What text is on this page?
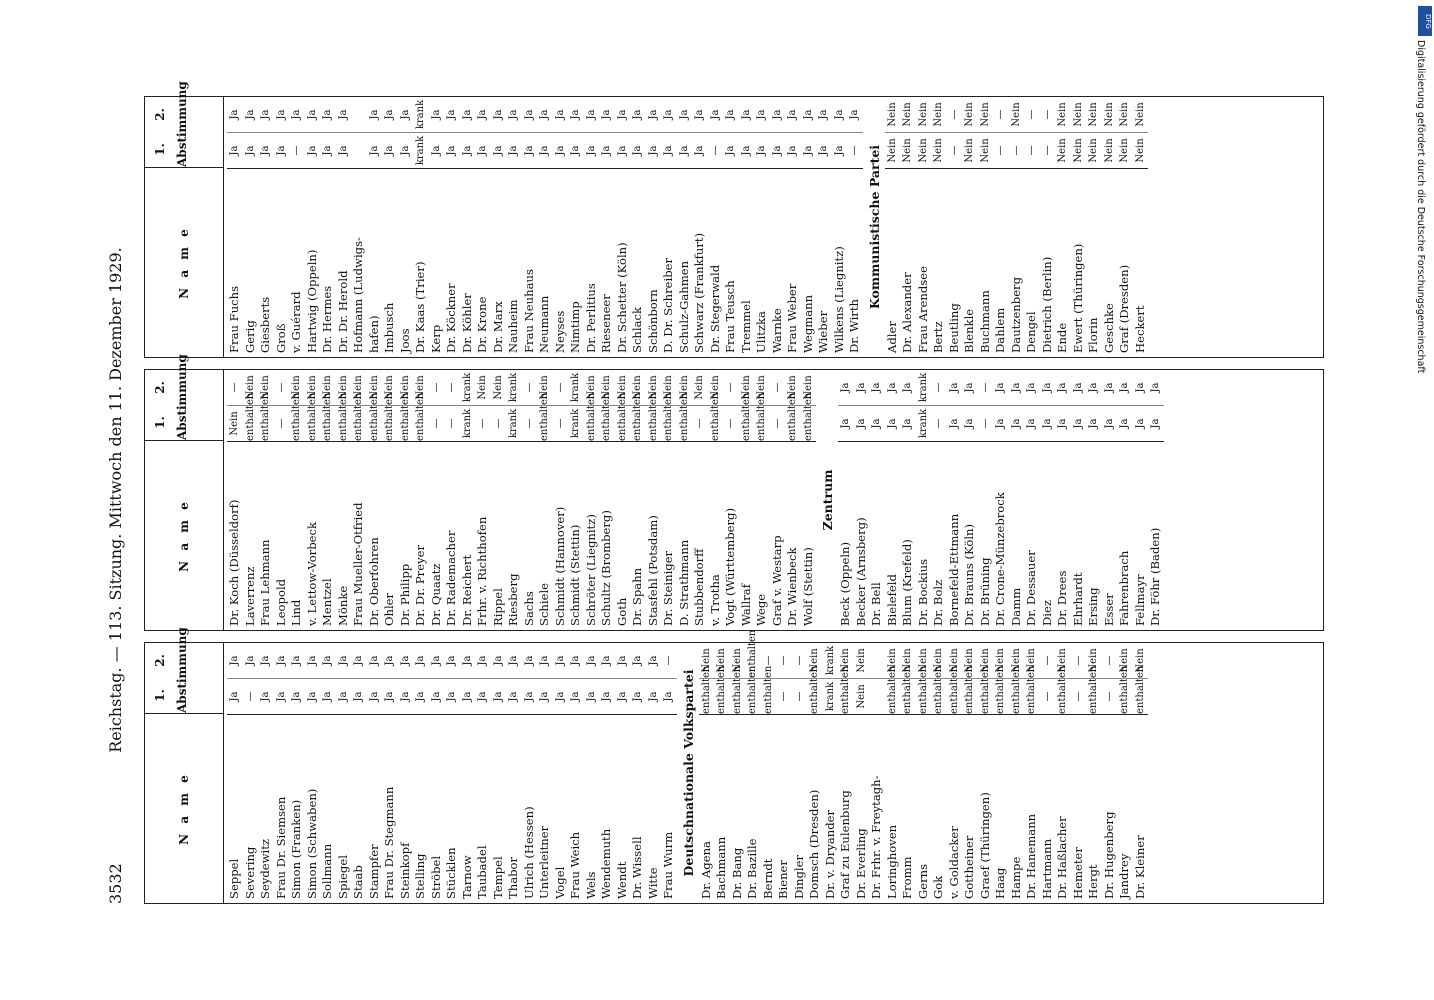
3532
Reichstag. — 113. Sitzung. Mittwoch den 11. Dezember 1929.
N a m e
1.
2. Abstimmung
Seppel
Ja
Ja
Severing
—
Ja
Seydewitz
Ja
Ja
Frau Dr. Siemsen
Ja
Ja
Simon (Franken)
Ja
Ja
Simon (Schwaben)
Ja
Ja
Sollmann
Ja
Ja
Spiegel
Ja
Ja
Staab
Ja
Ja
Stampfer
Ja
Ja
Frau Dr. Stegmann
Ja
Ja
Steinkopf
Ja
Ja
Stelling
Ja
Ja
Ströbel
Ja
Ja
Stücklen
Ja
Ja
Tarnow
Ja
Ja
Taubadel
Ja
Ja
Tempel
Ja
Ja
Thabor
Ja
Ja
Ulrich (Hessen)
Ja
Ja
Unterleitner
Ja
Ja
Vogel
Ja
Ja
Frau Weich
Ja
Ja
Wels
Ja
Ja
Wendemuth
Ja
Ja
Wendt
Ja
Ja
Dr. Wissell
Ja
Ja
Witte
Ja
Ja
Frau Wurm
Ja
—
Deutschnationale Volkspartei Dr. Agena
enthalten
Nein
Bachmann
enthalten
Nein
Dr. Bang
enthalten
Nein
Dr. Bazille
enthalten
enthalten
Berndt
enthalten
—
Biener
—
—
Dingler
—
—
Domsch (Dresden)
enthalten
Nein
Dr. v. Dryander
krank
krank
Graf zu Eulenburg
enthalten
Nein
Dr. Everling
Nein
Nein
Dr. Frhr. v. Freytagh- Loringhoven
enthalten
Nein
Fromm
enthalten
Nein
Gerns
enthalten
Nein
Gok
enthalten
Nein
v. Goldacker
enthalten
Nein
Gottheiner
enthalten
Nein
Graef (Thüringen)
enthalten
Nein
Haag
enthalten
Nein
Hampe
enthalten
Nein
Dr. Hanemann
enthalten
Nein
Hartmann
—
—
Dr. Haßlacher
enthalten
Nein
Hemeter
—
—
Hergt
enthalten
Nein
Dr. Hugenberg
—
—
Jandrey
enthalten
Nein
Dr. Kleiner
enthalten
Nein
N a m e
1.
2. Abstimmung
Dr. Koch (Düsseldorf)
Nein
—
Laverrenz
enthalten
Nein
Frau Lehmann
enthalten
Nein
Leopold
—
—
Lind
enthalten
Nein
v. Lettow-Vorbeck
enthalten
Nein
Mentzel
enthalten
Nein
Mönke
enthalten
Nein
Frau Mueller-Otfried
enthalten
Nein
Dr. Oberfohren
enthalten
Nein
Ohler
enthalten
Nein
Dr. Philipp
enthalten
Nein
Dr. Dr. Preyer
enthalten
Nein
Dr. Quaatz
—
—
Dr. Rademacher
—
—
Dr. Reichert
krank
krank
Frhr. v. Richthofen
—
Nein
Rippel
—
Nein
Riesberg
krank
krank
Sachs
—
—
Schiele
enthalten
Nein
Schmidt (Hannover)
—
—
Schmidt (Stettin)
krank
krank
Schröter (Liegnitz)
enthalten
Nein
Schultz (Bromberg)
enthalten
Nein
Goth
enthalten
Nein
Dr. Spahn
enthalten
Nein
Stasfehl (Potsdam)
enthalten
Nein
Dr. Steiniger
enthalten
Nein
D. Strathmann
enthalten
Nein
Stubbendorff
—
Nein
v. Trotha
enthalten
Nein
Vogt (Württemberg)
—
—
Wallraf
enthalten
Nein
Wege
enthalten
Nein
Graf v. Westarp
—
—
Dr. Wienbeck
enthalten
Nein
Wolf (Stettin)
enthalten
Nein
Zentrum
Beck (Oppeln)
Ja
Ja
Becker (Arnsberg)
Ja
Ja
Dr. Bell
Ja
Ja
Bielefeld
Ja
Ja
Blum (Krefeld)
Ja
Ja
Dr. Bockius
krank
krank
Dr. Bolz
—
—
Bornefeld-Ettmann
Ja
Ja
Dr. Brauns (Köln)
Ja
Ja
Dr. Brüning
—
—
Dr. Crone-Münzebrock
Ja
Ja
Damm
Ja
Ja
Dr. Dessauer
Ja
Ja
Diez
Ja
Ja
Dr. Drees
Ja
Ja
Ehrhardt
Ja
Ja
Ersing
Ja
Ja
Esser
Ja
Ja
Fahrenbrach
Ja
Ja
Fellmayr
Ja
Ja
Dr. Föhr (Baden)
Ja
Ja
N a m e
1.
2. Abstimmung
Frau Fuchs
Ja
Ja
Gerig
Ja
Ja
Giesberts
Ja
Ja
Groß
Ja
Ja
v. Guérard
—
Ja
Hartwig (Oppeln)
Ja
Ja
Dr. Hermes
Ja
Ja
Dr. Dr. Herold
Ja
Ja
Hofmann (Ludwigs- hafen)
Ja
Ja
Imbusch
Ja
Ja
Joos
Ja
Ja
Dr. Kaas (Trier)
krank
krank
Kerp
Ja
Ja
Dr. Köckner
Ja
Ja
Dr. Köhler
Ja
Ja
Dr. Krone
Ja
Ja
Dr. Marx
Ja
Ja
Nauheim
Ja
Ja
Frau Neuhaus
Ja
Ja
Neumann
Ja
Ja
Neyses
Ja
Ja
Nimtimp
Ja
Ja
Dr. Perlitius
Ja
Ja
Rieseneer
Ja
Ja
Dr. Schetter (Köln)
Ja
Ja
Schlack
Ja
Ja
Schönborn
Ja
Ja
D. Dr. Schreiber
Ja
Ja
Schulz-Gahmen
Ja
Ja
Schwarz (Frankfurt)
Ja
Ja
Dr. Stegerwald
—
Ja
Frau Teusch
Ja
Ja
Tremmel
Ja
Ja
Ulitzka
Ja
Ja
Warnke
Ja
Ja
Frau Weber
Ja
Ja
Wegmann
Ja
Ja
Wieber
Ja
Ja
Wilkens (Liegnitz)
Ja
Ja
Dr. Wirth
—
Ja
Kommunistische Partei
Adler
Nein
Nein
Dr. Alexander
Nein
Nein
Frau Arendsee
Nein
Nein
Bertz
Nein
Nein
Beutling
—
—
Blenkle
Nein
Nein
Buchmann
Nein
Nein
Dahlem
—
—
Dautzenberg
—
Nein
Dengel
—
—
Dietrich (Berlin)
—
—
Ende
Nein
Nein
Ewert (Thüringen)
Nein
Nein
Florin
Nein
Nein
Geschke
Nein
Nein
Graf (Dresden)
Nein
Nein
Heckert
Nein
Nein
DFG
Digitalisierung gefördert durch die Deutsche Forschungsgemeinschaft
